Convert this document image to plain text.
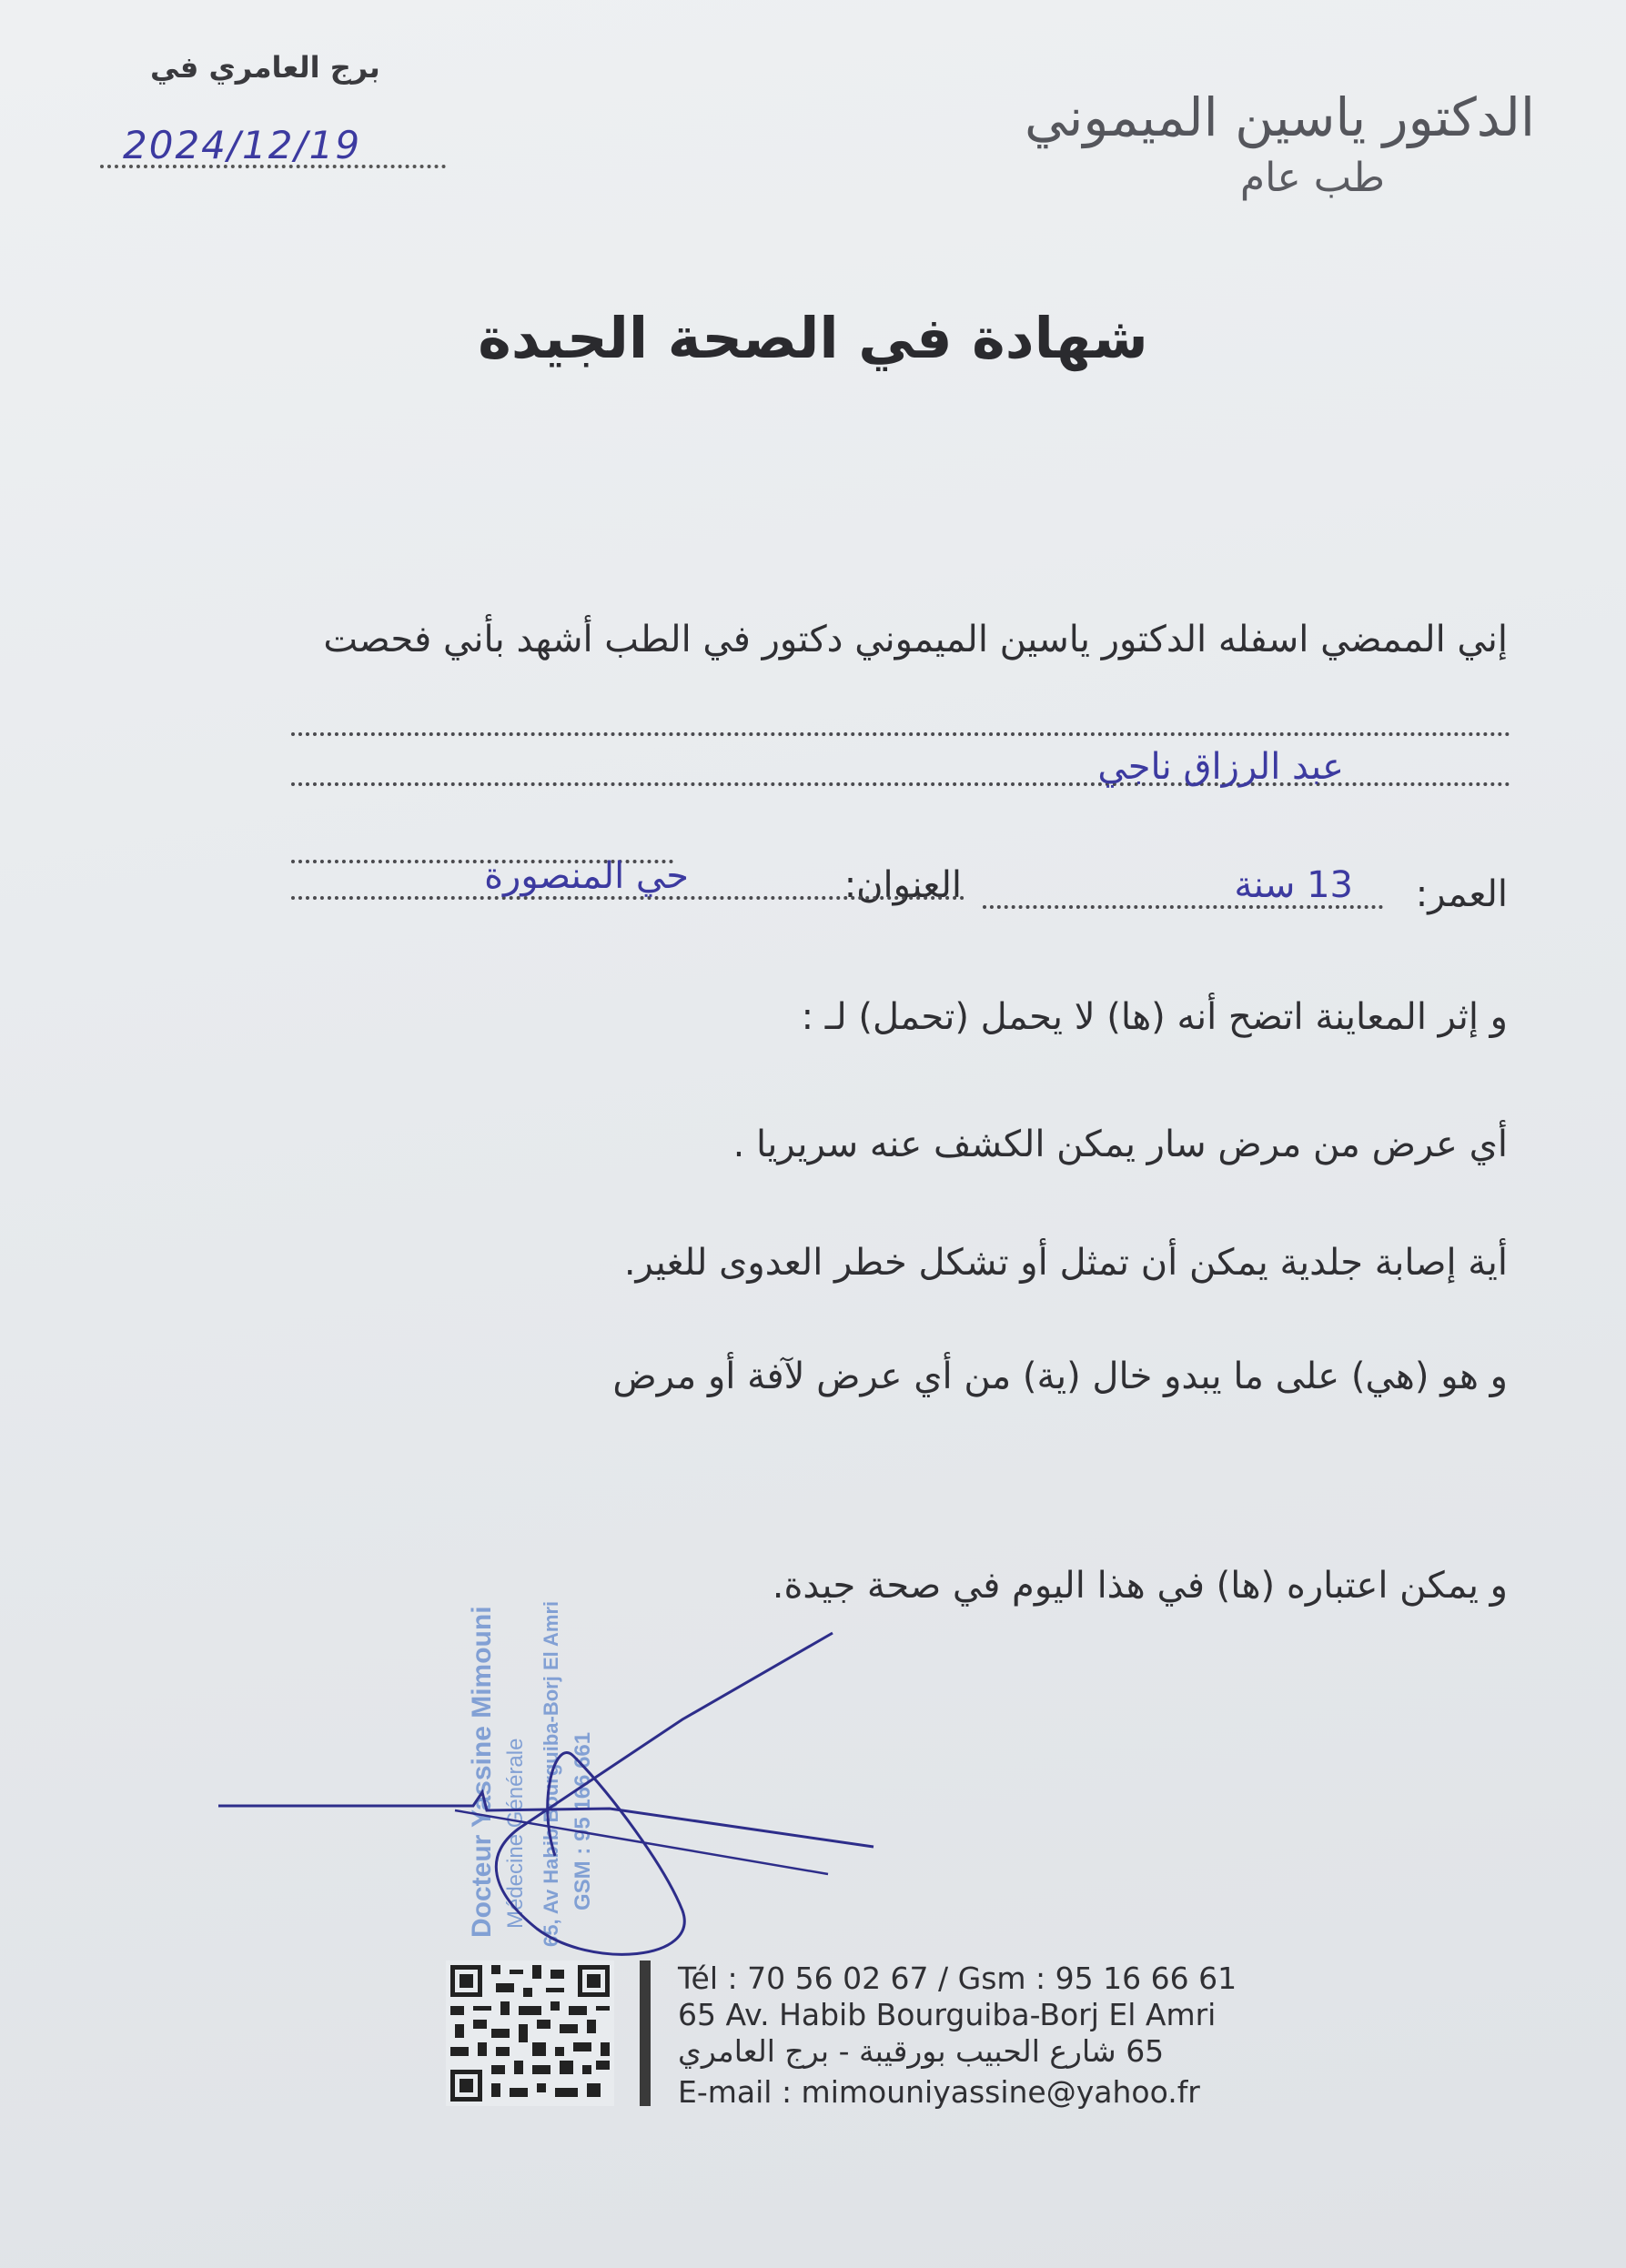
الدكتور ياسين الميموني
طب عام
برج العامري في
2024/12/19
شهادة في الصحة الجيدة
إني الممضي اسفله الدكتور ياسين الميموني دكتور في الطب أشهد بأني فحصت
عبد الرزاق ناجي
العمر:
13 سنة
العنوان:
حي المنصورة
و إثر المعاينة اتضح أنه (ها) لا يحمل (تحمل) لـ :
أي عرض من مرض سار يمكن الكشف عنه سريريا .
أية إصابة جلدية يمكن أن تمثل أو تشكل خطر العدوى للغير.
و هو (هي) على ما يبدو خال (ية) من أي عرض لآفة أو مرض
و يمكن اعتباره (ها) في هذا اليوم في صحة جيدة.
Docteur Yassine Mimouni Médecine Générale 65, Av Habib Bourguiba-Borj El Amri GSM : 95 166 661
Tél : 70 56 02 67 / Gsm : 95 16 66 61
65 Av. Habib Bourguiba-Borj El Amri
65 شارع الحبيب بورقيبة - برج العامري
E-mail : mimouniyassine@yahoo.fr
